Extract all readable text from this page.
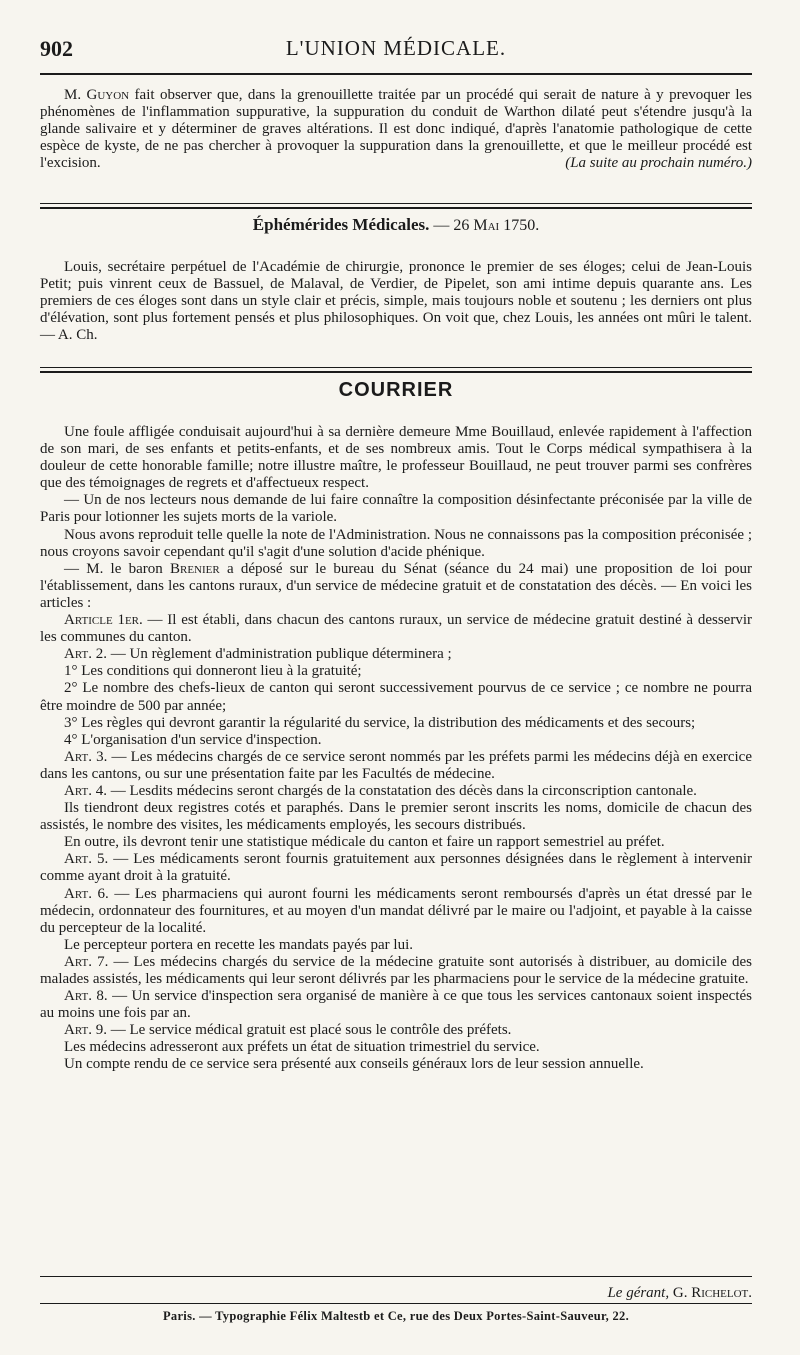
902	L'UNION MÉDICALE.

M. Guyon fait observer que, dans la grenouillette traitée par un procédé qui serait de nature à y prevoquer les phénomènes de l'inflammation suppurative, la suppuration du conduit de Warthon dilaté peut s'étendre jusqu'à la glande salivaire et y déterminer de graves altérations. Il est donc indiqué, d'après l'anatomie pathologique de cette espèce de kyste, de ne pas chercher à provoquer la suppuration dans la grenouillette, et que le meilleur procédé est l'excision.	(La suite au prochain numéro.)

Éphémérides Médicales. — 26 Mai 1750.

Louis, secrétaire perpétuel de l'Académie de chirurgie, prononce le premier de ses éloges; celui de Jean-Louis Petit; puis vinrent ceux de Bassuel, de Malaval, de Verdier, de Pipelet, son ami intime depuis quarante ans. Les premiers de ces éloges sont dans un style clair et précis, simple, mais toujours noble et soutenu ; les derniers ont plus d'élévation, sont plus fortement pensés et plus philosophiques. On voit que, chez Louis, les années ont mûri le talent. — A. Ch.

COURRIER

Une foule affligée conduisait aujourd'hui à sa dernière demeure Mme Bouillaud, enlevée rapidement à l'affection de son mari, de ses enfants et petits-enfants, et de ses nombreux amis. Tout le Corps médical sympathisera à la douleur de cette honorable famille; notre illustre maître, le professeur Bouillaud, ne peut trouver parmi ses confrères que des témoignages de regrets et d'affectueux respect.

— Un de nos lecteurs nous demande de lui faire connaître la composition désinfectante préconisée par la ville de Paris pour lotionner les sujets morts de la variole.

Nous avons reproduit telle quelle la note de l'Administration. Nous ne connaissons pas la composition préconisée ; nous croyons savoir cependant qu'il s'agit d'une solution d'acide phénique.

— M. le baron Brenier a déposé sur le bureau du Sénat (séance du 24 mai) une proposition de loi pour l'établissement, dans les cantons ruraux, d'un service de médecine gratuit et de constatation des décès. — En voici les articles :

Article 1er. — Il est établi, dans chacun des cantons ruraux, un service de médecine gratuit destiné à desservir les communes du canton.

Art. 2. — Un règlement d'administration publique déterminera ;

1° Les conditions qui donneront lieu à la gratuité;

2° Le nombre des chefs-lieux de canton qui seront successivement pourvus de ce service ; ce nombre ne pourra être moindre de 500 par année;

3° Les règles qui devront garantir la régularité du service, la distribution des médicaments et des secours;

4° L'organisation d'un service d'inspection.

Art. 3. — Les médecins chargés de ce service seront nommés par les préfets parmi les médecins déjà en exercice dans les cantons, ou sur une présentation faite par les Facultés de médecine.

Art. 4. — Lesdits médecins seront chargés de la constatation des décès dans la circonscription cantonale.

Ils tiendront deux registres cotés et paraphés. Dans le premier seront inscrits les noms, domicile de chacun des assistés, le nombre des visites, les médicaments employés, les secours distribués.

En outre, ils devront tenir une statistique médicale du canton et faire un rapport semestriel au préfet.

Art. 5. — Les médicaments seront fournis gratuitement aux personnes désignées dans le règlement à intervenir comme ayant droit à la gratuité.

Art. 6. — Les pharmaciens qui auront fourni les médicaments seront remboursés d'après un état dressé par le médecin, ordonnateur des fournitures, et au moyen d'un mandat délivré par le maire ou l'adjoint, et payable à la caisse du percepteur de la localité.

Le percepteur portera en recette les mandats payés par lui.

Art. 7. — Les médecins chargés du service de la médecine gratuite sont autorisés à distribuer, au domicile des malades assistés, les médicaments qui leur seront délivrés par les pharmaciens pour le service de la médecine gratuite.

Art. 8. — Un service d'inspection sera organisé de manière à ce que tous les services cantonaux soient inspectés au moins une fois par an.

Art. 9. — Le service médical gratuit est placé sous le contrôle des préfets.

Les médecins adresseront aux préfets un état de situation trimestriel du service.

Un compte rendu de ce service sera présenté aux conseils généraux lors de leur session annuelle.

Le gérant, G. Richelot.
Paris. — Typographie Félix Maltestb et Ce, rue des Deux Portes-Saint-Sauveur, 22.
